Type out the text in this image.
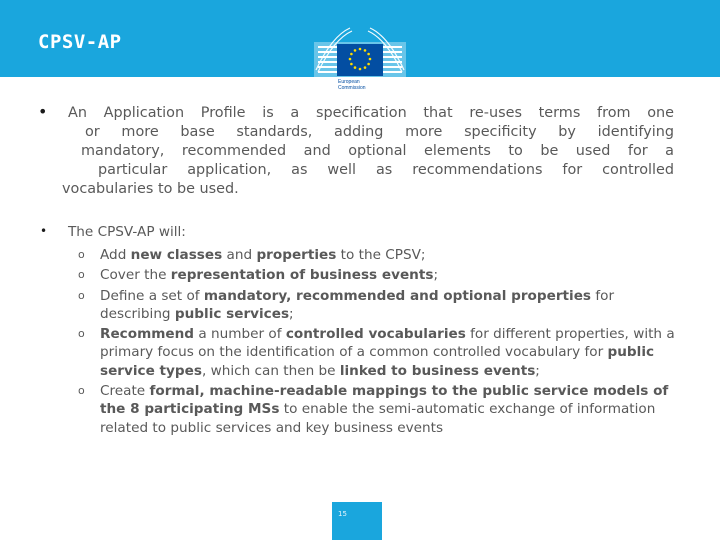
CPSV-AP
European
Commission
•	An Application Profile is a specification that re-uses terms from one
or more base standards, adding more specificity by identifying
mandatory, recommended and optional elements to be used for a
particular application, as well as recommendations for controlled
vocabularies to be used.
• The CPSV-AP will:
o Add new classes and properties to the CPSV;
o Cover the representation of business events;
o Define a set of mandatory, recommended and optional properties for describing public services;
o Recommend a number of controlled vocabularies for different properties, with a primary focus on the identification of a common controlled vocabulary for public service types, which can then be linked to business events;
o Create formal, machine-readable mappings to the public service models of the 8 participating MSs to enable the semi-automatic exchange of information related to public services and key business events
15
